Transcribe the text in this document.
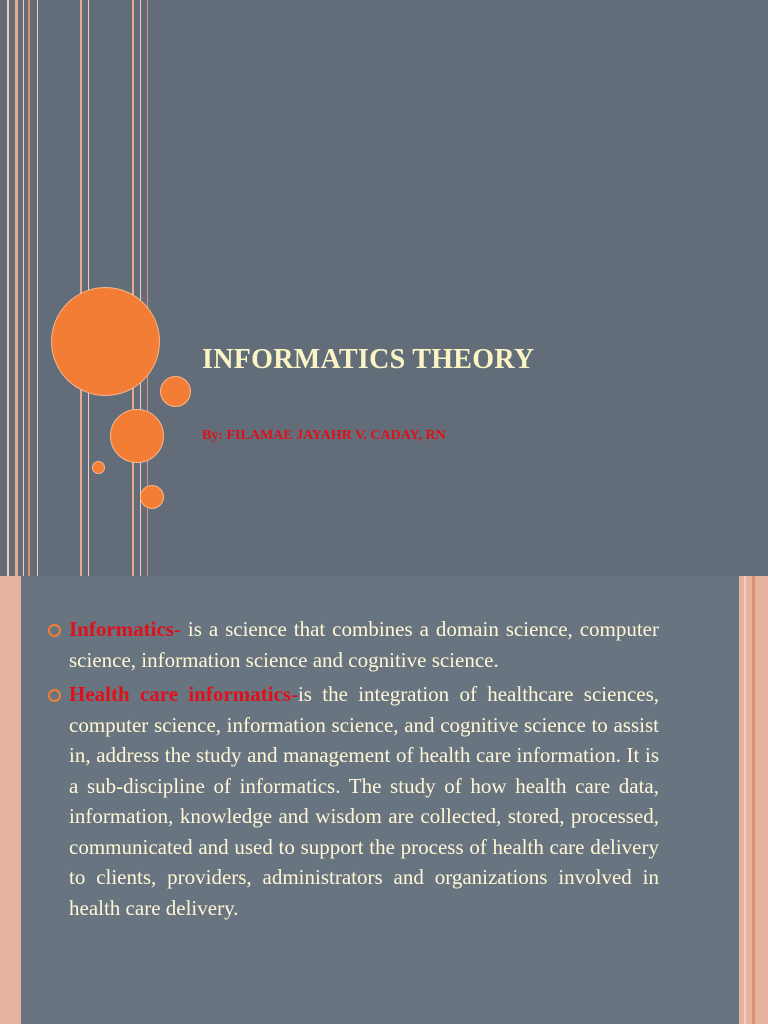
INFORMATICS THEORY

By: FILAMAE JAYAHR V. CADAY, RN

Informatics- is a science that combines a domain science, computer science, information science and cognitive science.

Health care informatics-is the integration of healthcare sciences, computer science, information science, and cognitive science to assist in, address the study and management of health care information. It is a sub-discipline of informatics. The study of how health care data, information, knowledge and wisdom are collected, stored, processed, communicated and used to support the process of health care delivery to clients, providers, administrators and organizations involved in health care delivery.
